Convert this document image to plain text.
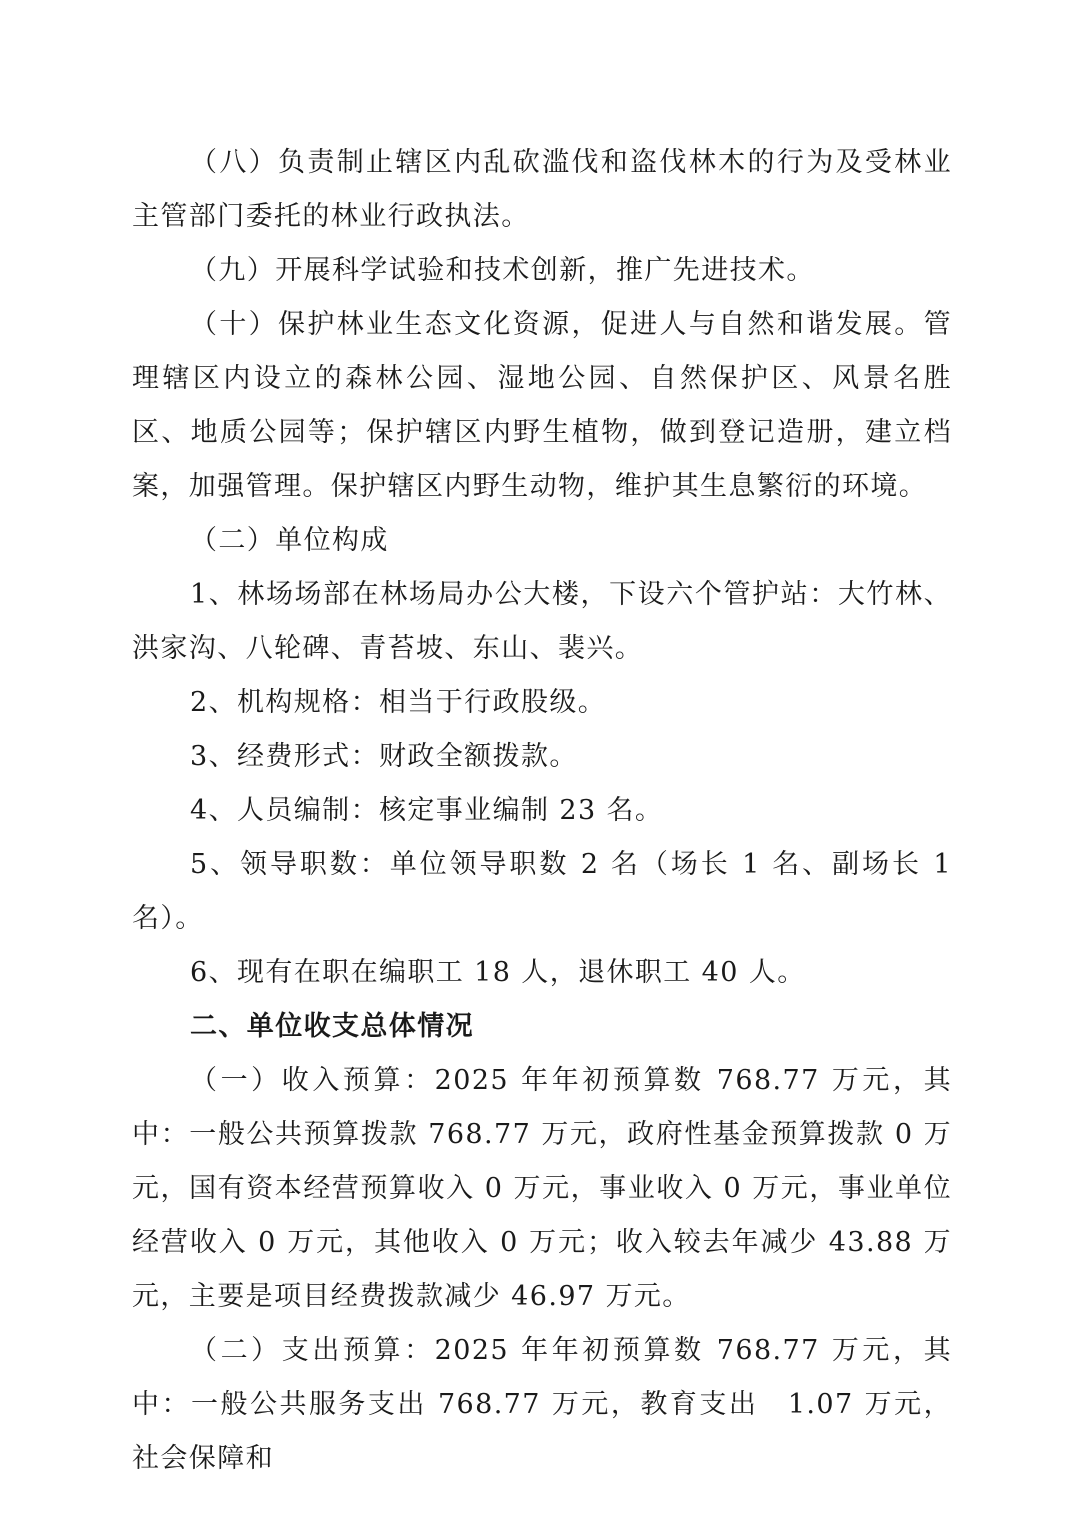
（八）负责制止辖区内乱砍滥伐和盗伐林木的行为及受林业主管部门委托的林业行政执法。

（九）开展科学试验和技术创新，推广先进技术。

（十）保护林业生态文化资源，促进人与自然和谐发展。管理辖区内设立的森林公园、湿地公园、自然保护区、风景名胜区、地质公园等；保护辖区内野生植物，做到登记造册，建立档案，加强管理。保护辖区内野生动物，维护其生息繁衍的环境。

（二）单位构成

1、林场场部在林场局办公大楼，下设六个管护站：大竹林、洪家沟、八轮碑、青苔坡、东山、裴兴。

2、机构规格：相当于行政股级。

3、经费形式：财政全额拨款。

4、人员编制：核定事业编制 23 名。

5、领导职数：单位领导职数 2 名（场长 1 名、副场长 1 名）。

6、现有在职在编职工 18 人，退休职工 40 人。

二、单位收支总体情况

（一）收入预算：2025 年年初预算数 768.77 万元，其中：一般公共预算拨款 768.77 万元，政府性基金预算拨款 0 万元，国有资本经营预算收入 0 万元，事业收入 0 万元，事业单位经营收入 0 万元，其他收入 0 万元；收入较去年减少 43.88 万元，主要是项目经费拨款减少 46.97 万元。

（二）支出预算：2025 年年初预算数 768.77 万元，其中：一般公共服务支出 768.77 万元，教育支出　1.07 万元，社会保障和
